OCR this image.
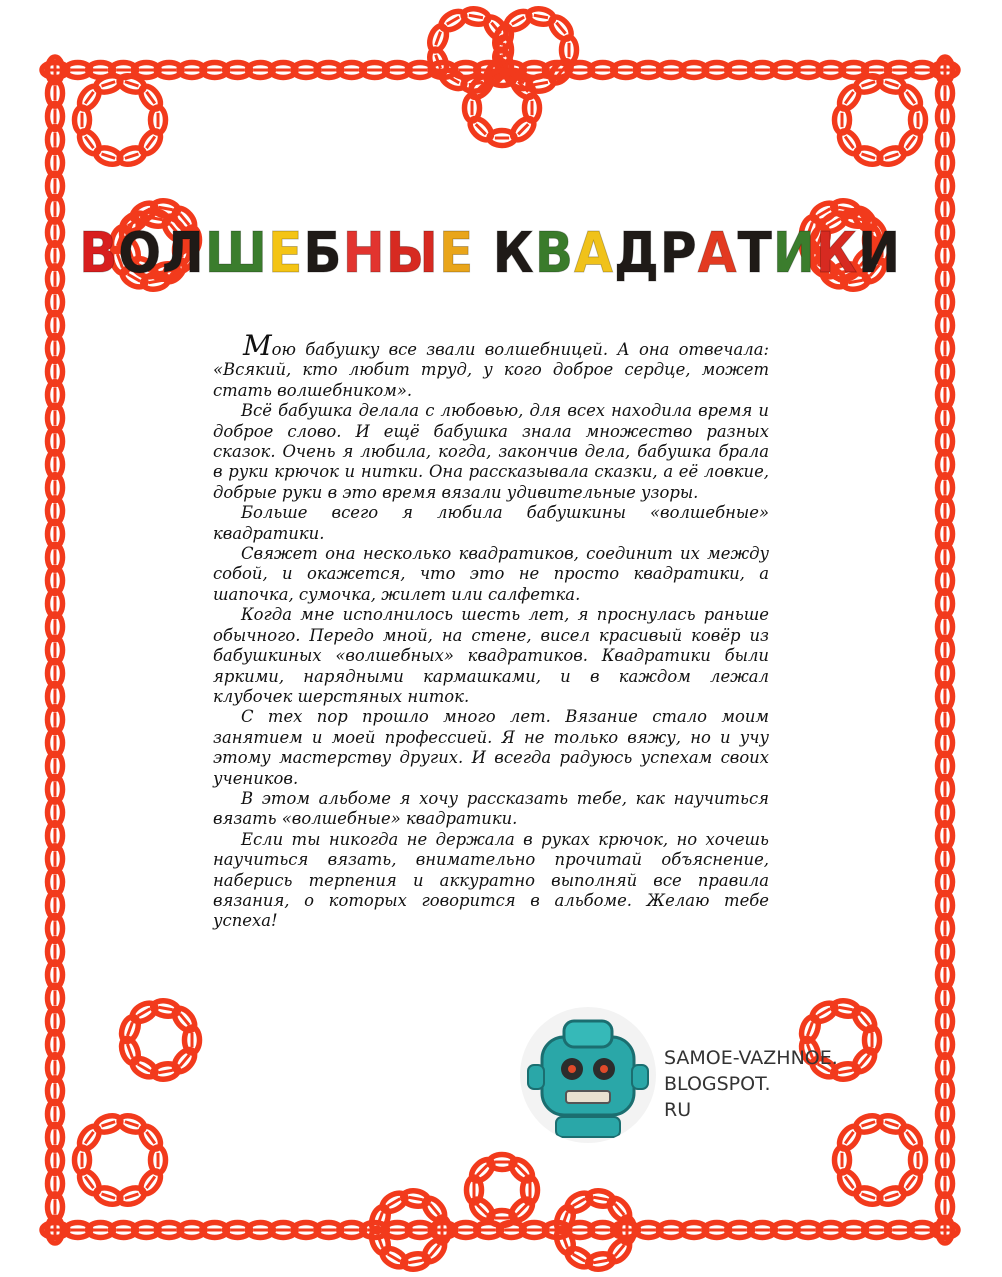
В О Л Ш Е Б Н Ы Е
К В А Д Р А Т И К И

Мою бабушку все звали волшебницей. А она отвечала: «Всякий, кто любит труд, у кого доброе сердце, может стать волшебником».

Всё бабушка делала с любовью, для всех находила время и доброе слово. И ещё бабушка знала множество разных сказок. Очень я любила, когда, закончив дела, бабушка брала в руки крючок и нитки. Она рассказывала сказки, а её ловкие, добрые руки в это время вязали удивительные узоры.

Больше всего я любила бабушкины «волшебные» квадратики.

Свяжет она несколько квадратиков, соединит их между собой, и окажется, что это не просто квадратики, а шапочка, сумочка, жилет или салфетка.

Когда мне исполнилось шесть лет, я проснулась раньше обычного. Передо мной, на стене, висел красивый ковёр из бабушкиных «волшебных» квадратиков. Квадратики были яркими, нарядными кармашками, и в каждом лежал клубочек шерстяных ниток.

С тех пор прошло много лет. Вязание стало моим занятием и моей профессией. Я не только вяжу, но и учу этому мастерству других. И всегда радуюсь успехам своих учеников.

В этом альбоме я хочу рассказать тебе, как научиться вязать «волшебные» квадратики.

Если ты никогда не держала в руках крючок, но хочешь научиться вязать, внимательно прочитай объяснение, наберись терпения и аккуратно выполняй все правила вязания, о которых говорится в альбоме. Желаю тебе успеха!

SAMOE-VAZHNOE.
BLOGSPOT.
RU
